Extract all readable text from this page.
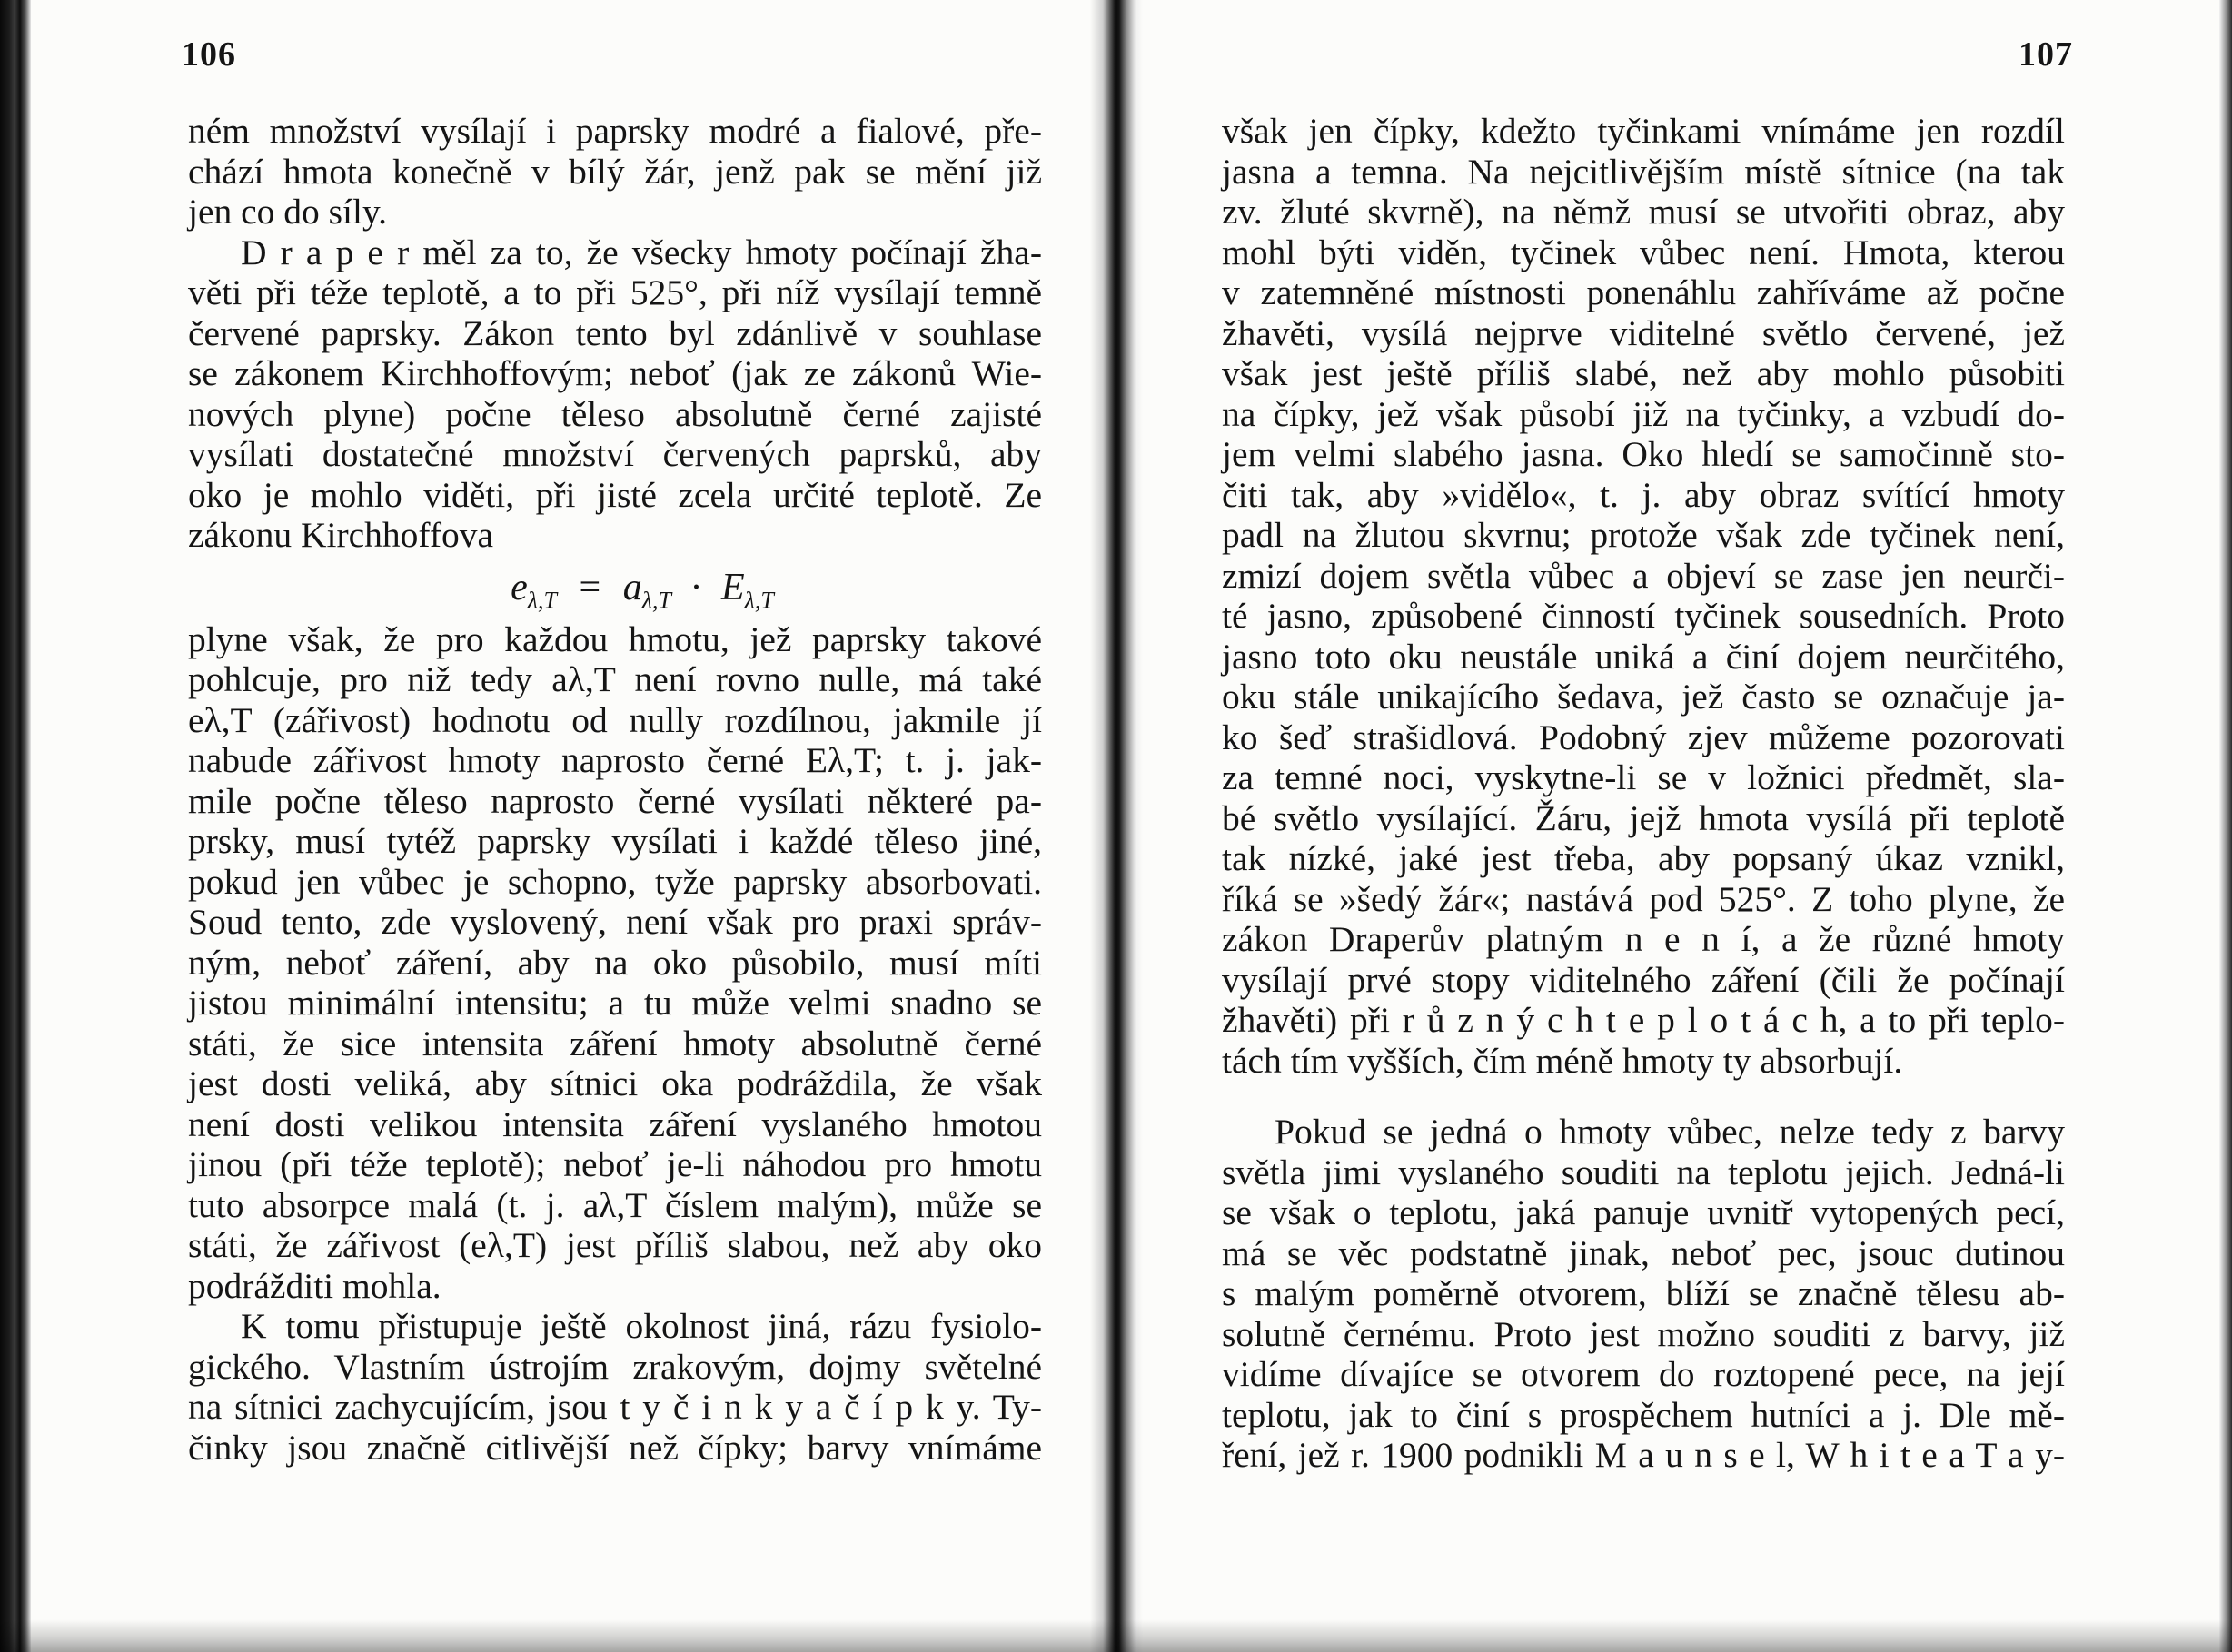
106
ném množství vysílají i paprsky modré a fialové, pře-
chází hmota konečně v bílý žár, jenž pak se mění již
jen co do síly.
D r a p e r měl za to, že všecky hmoty počínají žha-
věti při téže teplotě, a to při 525°, při níž vysílají temně
červené paprsky. Zákon tento byl zdánlivě v souhlase
se zákonem Kirchhoffovým; neboť (jak ze zákonů Wie-
nových plyne) počne těleso absolutně černé zajisté
vysílati dostatečné množství červených paprsků, aby
oko je mohlo viděti, při jisté zcela určité teplotě. Ze
zákonu Kirchhoffova
$e_{\lambda,T} = a_{\lambda,T} \cdot E_{\lambda,T}$
plyne však, že pro každou hmotu, jež paprsky takové
pohlcuje, pro niž tedy aλ,T není rovno nulle, má také
eλ,T (zářivost) hodnotu od nully rozdílnou, jakmile jí
nabude zářivost hmoty naprosto černé Eλ,T; t. j. jak-
mile počne těleso naprosto černé vysílati některé pa-
prsky, musí tytéž paprsky vysílati i každé těleso jiné,
pokud jen vůbec je schopno, tyže paprsky absorbovati.
Soud tento, zde vyslovený, není však pro praxi správ-
ným, neboť záření, aby na oko působilo, musí míti
jistou minimální intensitu; a tu může velmi snadno se
státi, že sice intensita záření hmoty absolutně černé
jest dosti veliká, aby sítnici oka podráždila, že však
není dosti velikou intensita záření vyslaného hmotou
jinou (při téže teplotě); neboť je-li náhodou pro hmotu
tuto absorpce malá (t. j. aλ,T číslem malým), může se
státi, že zářivost (eλ,T) jest příliš slabou, než aby oko
podrážditi mohla.
K tomu přistupuje ještě okolnost jiná, rázu fysiolo-
gického. Vlastním ústrojím zrakovým, dojmy světelné
na sítnici zachycujícím, jsou t y č i n k y a č í p k y. Ty-
činky jsou značně citlivější než čípky; barvy vnímáme
107
však jen čípky, kdežto tyčinkami vnímáme jen rozdíl
jasna a temna. Na nejcitlivějším místě sítnice (na tak
zv. žluté skvrně), na němž musí se utvořiti obraz, aby
mohl býti viděn, tyčinek vůbec není. Hmota, kterou
v zatemněné místnosti ponenáhlu zahříváme až počne
žhavěti, vysílá nejprve viditelné světlo červené, jež
však jest ještě příliš slabé, než aby mohlo působiti
na čípky, jež však působí již na tyčinky, a vzbudí do-
jem velmi slabého jasna. Oko hledí se samočinně sto-
čiti tak, aby »vidělo«, t. j. aby obraz svítící hmoty
padl na žlutou skvrnu; protože však zde tyčinek není,
zmizí dojem světla vůbec a objeví se zase jen neurči-
té jasno, způsobené činností tyčinek sousedních. Proto
jasno toto oku neustále uniká a činí dojem neurčitého,
oku stále unikajícího šedava, jež často se označuje ja-
ko šeď strašidlová. Podobný zjev můžeme pozorovati
za temné noci, vyskytne-li se v ložnici předmět, sla-
bé světlo vysílající. Žáru, jejž hmota vysílá při teplotě
tak nízké, jaké jest třeba, aby popsaný úkaz vznikl,
říká se »šedý žár«; nastává pod 525°. Z toho plyne, že
zákon Draperův platným n e n í, a že různé hmoty
vysílají prvé stopy viditelného záření (čili že počínají
žhavěti) při r ů z n ý c h t e p l o t á c h, a to při teplo-
tách tím vyšších, čím méně hmoty ty absorbují.
Pokud se jedná o hmoty vůbec, nelze tedy z barvy
světla jimi vyslaného souditi na teplotu jejich. Jedná-li
se však o teplotu, jaká panuje uvnitř vytopených pecí,
má se věc podstatně jinak, neboť pec, jsouc dutinou
s malým poměrně otvorem, blíží se značně tělesu ab-
solutně černému. Proto jest možno souditi z barvy, již
vidíme dívajíce se otvorem do roztopené pece, na její
teplotu, jak to činí s prospěchem hutníci a j. Dle mě-
ření, jež r. 1900 podnikli M a u n s e l, W h i t e a T a y-
